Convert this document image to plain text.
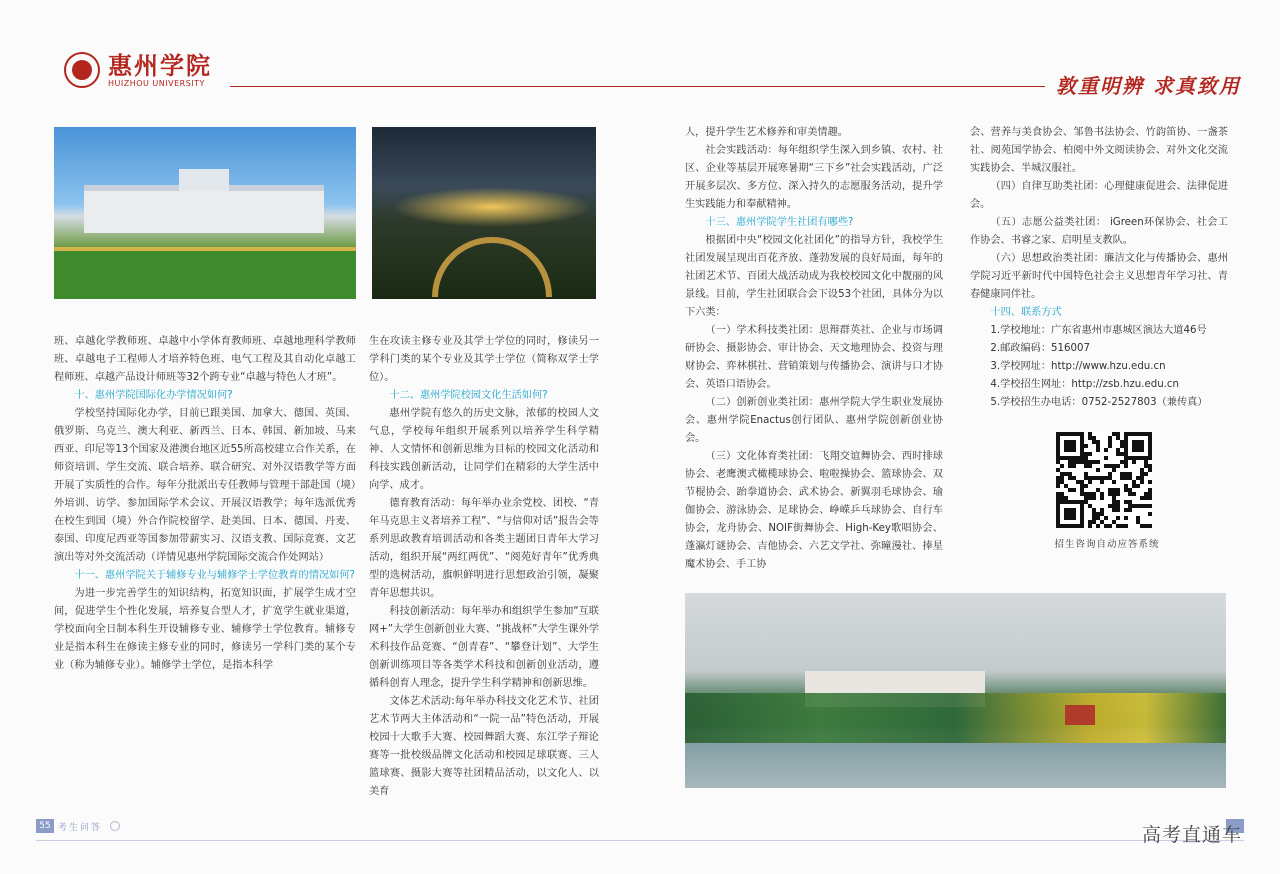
惠州学院
HUIZHOU UNIVERSITY	敦重明辨 求真致用

班、卓越化学教师班、卓越中小学体育教师班、卓越地理科学教师班、卓越电子工程师人才培养特色班、电气工程及其自动化卓越工程师班、卓越产品设计师班等32个跨专业“卓越与特色人才班”。

十、惠州学院国际化办学情况如何?

学校坚持国际化办学，目前已跟美国、加拿大、德国、英国、俄罗斯、乌克兰、澳大利亚、新西兰、日本、韩国、新加坡、马来西亚、印尼等13个国家及港澳台地区近55所高校建立合作关系，在师资培训、学生交流、联合培养、联合研究、对外汉语教学等方面开展了实质性的合作。每年分批派出专任教师与管理干部赴国（境）外培训、访学、参加国际学术会议、开展汉语教学；每年选派优秀在校生到国（境）外合作院校留学、赴美国、日本、德国、丹麦、泰国、印度尼西亚等国参加带薪实习、汉语支教、国际竞赛、文艺演出等对外交流活动（详情见惠州学院国际交流合作处网站）

十一、惠州学院关于辅修专业与辅修学士学位教育的情况如何?

为进一步完善学生的知识结构，拓宽知识面，扩展学生成才空间，促进学生个性化发展，培养复合型人才，扩宽学生就业渠道，学校面向全日制本科生开设辅修专业、辅修学士学位教育。辅修专业是指本科生在修读主修专业的同时，修读另一学科门类的某个专业（称为辅修专业）。辅修学士学位，是指本科学

生在攻读主修专业及其学士学位的同时，修读另一学科门类的某个专业及其学士学位（简称双学士学位）。

十二、惠州学院校园文化生活如何?

惠州学院有悠久的历史文脉，浓郁的校园人文气息，学校每年组织开展系列以培养学生科学精神、人文情怀和创新思维为目标的校园文化活动和科技实践创新活动，让同学们在精彩的大学生活中向学、成才。

德育教育活动：每年举办业余党校、团校、“青年马克思主义者培养工程”、“与信仰对话”报告会等系列思政教育培训活动和各类主题团日青年大学习活动，组织开展“两红两优”、“阅苑好青年”优秀典型的选树活动，旗帜鲜明进行思想政治引领，凝聚青年思想共识。

科技创新活动：每年举办和组织学生参加“互联网+”大学生创新创业大赛、“挑战杯”大学生课外学术科技作品竞赛、“创青春”、“攀登计划”、大学生创新训练项目等各类学术科技和创新创业活动，遵循科创育人理念，提升学生科学精神和创新思维。

文体艺术活动:每年举办科技文化艺术节、社团艺术节两大主体活动和“一院一品”特色活动，开展校园十大歌手大赛、校园舞蹈大赛、东江学子辩论赛等一批校级品牌文化活动和校园足球联赛、三人篮球赛、摄影大赛等社团精品活动，以文化人、以美育

人，提升学生艺术修养和审美情趣。

社会实践活动：每年组织学生深入到乡镇、农村、社区、企业等基层开展寒暑期“三下乡”社会实践活动，广泛开展多层次、多方位、深入持久的志愿服务活动，提升学生实践能力和奉献精神。

十三、惠州学院学生社团有哪些?

根据团中央“校园文化社团化”的指导方针，我校学生社团发展呈现出百花齐放、蓬勃发展的良好局面，每年的社团艺术节、百团大战活动成为我校校园文化中靓丽的风景线。目前，学生社团联合会下设53个社团，具体分为以下六类：

（一）学术科技类社团：思辩群英社、企业与市场调研协会、摄影协会、审计协会、天文地理协会、投资与理财协会、弈林棋社、营销策划与传播协会、演讲与口才协会、英语口语协会。

（二）创新创业类社团：惠州学院大学生职业发展协会、惠州学院Enactus创行团队、惠州学院创新创业协会。

（三）文化体育类社团：飞翔交谊舞协会、西时排球协会、老鹰澳式橄榄球协会、啦啦操协会、篮球协会、双节棍协会、跆拳道协会、武术协会、新翼羽毛球协会、瑜伽协会、游泳协会、足球协会、峥嵘乒乓球协会、自行车协会，龙舟协会、NOIF街舞协会、High-Key歌唱协会、蓬瀛灯谜协会、吉他协会、六艺文学社、弥曈漫社、捧星魔术协会、手工协

会、营养与美食协会、邹鲁书法协会、竹韵笛协、一盏茶社、阅苑国学协会、柏阅中外文阅读协会、对外文化交流实践协会、半城汉服社。

（四）自律互助类社团：心理健康促进会、法律促进会。

（五）志愿公益类社团： iGreen环保协会、社会工作协会、书睿之家、启明星支教队。

（六）思想政治类社团：廉洁文化与传播协会、惠州学院习近平新时代中国特色社会主义思想青年学习社、青春健康同伴社。

十四、联系方式

1.学校地址：广东省惠州市惠城区演达大道46号

2.邮政编码：516007

3.学校网址：http://www.hzu.edu.cn

4.学校招生网址：http://zsb.hzu.edu.cn

5.学校招生办电话：0752-2527803（兼传真）

招生咨询自动应答系统
55 考生问答	高考直通车
